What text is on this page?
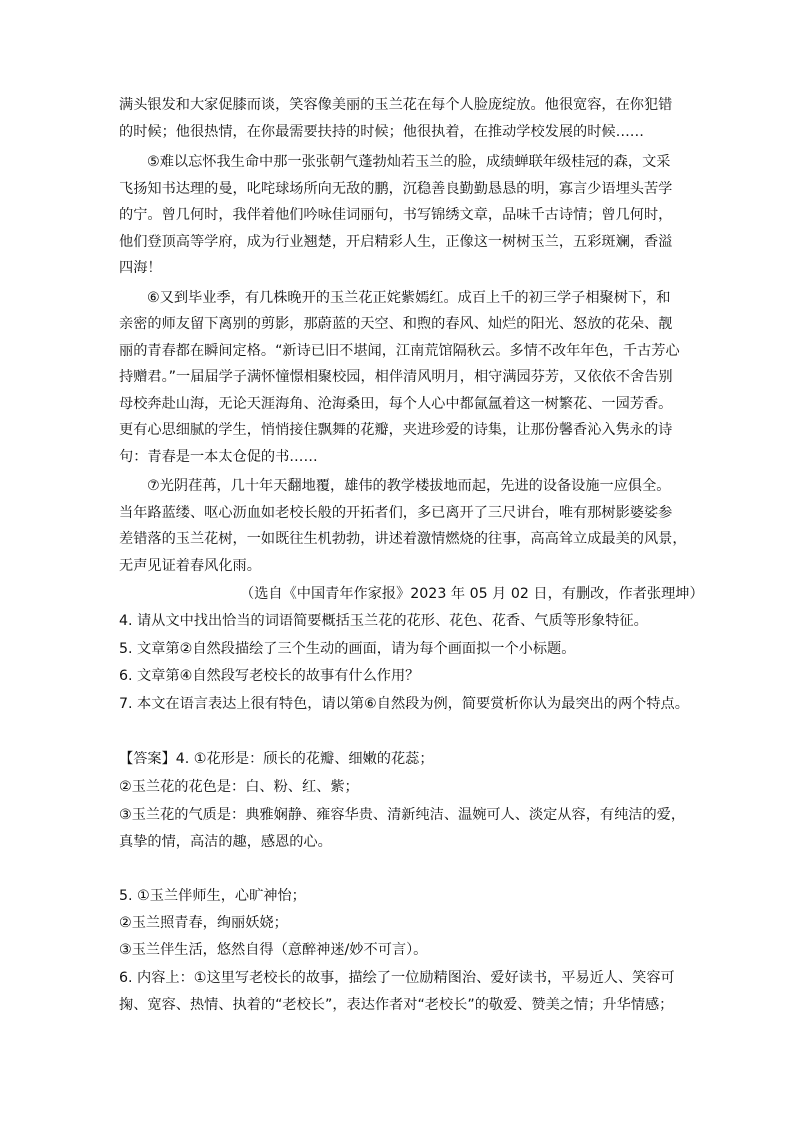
满头银发和大家促膝而谈，笑容像美丽的玉兰花在每个人脸庞绽放。他很宽容，在你犯错
的时候；他很热情，在你最需要扶持的时候；他很执着，在推动学校发展的时候……
⑤难以忘怀我生命中那一张张朝气蓬勃灿若玉兰的脸，成绩蝉联年级桂冠的森，文采
飞扬知书达理的曼，叱咤球场所向无敌的鹏，沉稳善良勤勤恳恳的明，寡言少语埋头苦学
的宁。曾几何时，我伴着他们吟咏佳词丽句，书写锦绣文章，品味千古诗情；曾几何时，
他们登顶高等学府，成为行业翘楚，开启精彩人生，正像这一树树玉兰，五彩斑斓，香溢
四海！
⑥又到毕业季，有几株晚开的玉兰花正姹紫嫣红。成百上千的初三学子相聚树下，和
亲密的师友留下离别的剪影，那蔚蓝的天空、和煦的春风、灿烂的阳光、怒放的花朵、靓
丽的青春都在瞬间定格。“新诗已旧不堪闻，江南荒馆隔秋云。多情不改年年色，千古芳心
持赠君。”一届届学子满怀憧憬相聚校园，相伴清风明月，相守满园芬芳，又依依不舍告别
母校奔赴山海，无论天涯海角、沧海桑田，每个人心中都氤氲着这一树繁花、一园芳香。
更有心思细腻的学生，悄悄接住飘舞的花瓣，夹进珍爱的诗集，让那份馨香沁入隽永的诗
句：青春是一本太仓促的书……
⑦光阴荏苒，几十年天翻地覆，雄伟的教学楼拔地而起，先进的设备设施一应俱全。
当年路蓝缕、呕心沥血如老校长般的开拓者们，多已离开了三尺讲台，唯有那树影婆娑参
差错落的玉兰花树，一如既往生机勃勃，讲述着激情燃烧的往事，高高耸立成最美的风景，
无声见证着春风化雨。
（选自《中国青年作家报》2023 年 05 月 02 日，有删改，作者张理坤）
4. 请从文中找出恰当的词语简要概括玉兰花的花形、花色、花香、气质等形象特征。
5. 文章第②自然段描绘了三个生动的画面，请为每个画面拟一个小标题。
6. 文章第④自然段写老校长的故事有什么作用？
7. 本文在语言表达上很有特色，请以第⑥自然段为例，简要赏析你认为最突出的两个特点。
【答案】4. ①花形是：颀长的花瓣、细嫩的花蕊；
②玉兰花的花色是：白、粉、红、紫；
③玉兰花的气质是：典雅娴静、雍容华贵、清新纯洁、温婉可人、淡定从容，有纯洁的爱，
真挚的情，高洁的趣，感恩的心。
5. ①玉兰伴师生，心旷神怡；
②玉兰照青春，绚丽妖娆；
③玉兰伴生活，悠然自得（意醉神迷/妙不可言）。
6. 内容上：①这里写老校长的故事，描绘了一位励精图治、爱好读书，平易近人、笑容可
掬、宽容、热情、执着的“老校长”，表达作者对“老校长”的敬爱、赞美之情；升华情感；
